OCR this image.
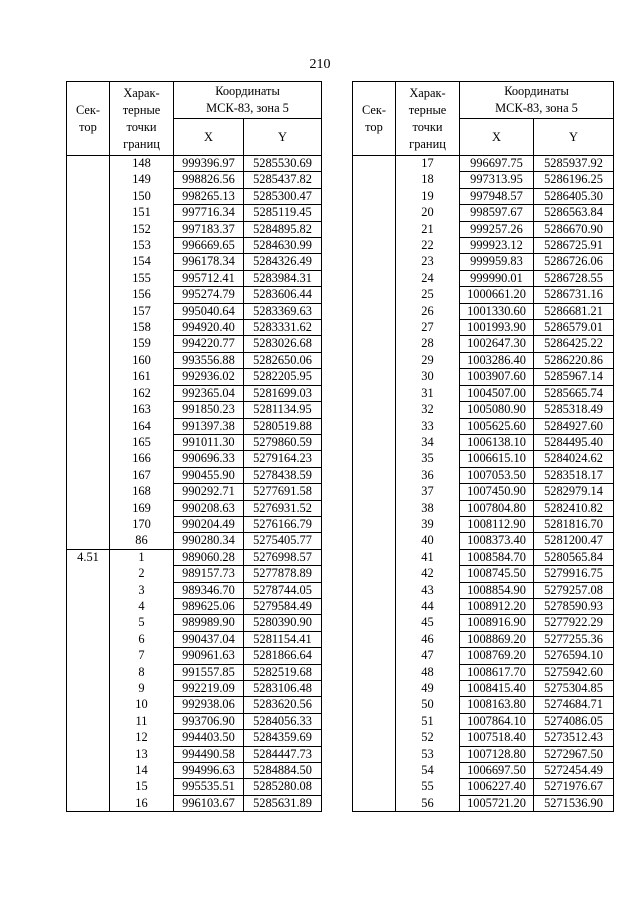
210
Сек-
тор	Харак-
терные
точки
границ	Координаты
МСК-83, зона 5	
		X	Y
	148	999396.97	5285530.69
	149	998826.56	5285437.82
	150	998265.13	5285300.47
	151	997716.34	5285119.45
	152	997183.37	5284895.82
	153	996669.65	5284630.99
	154	996178.34	5284326.49
	155	995712.41	5283984.31
	156	995274.79	5283606.44
	157	995040.64	5283369.63
	158	994920.40	5283331.62
	159	994220.77	5283026.68
	160	993556.88	5282650.06
	161	992936.02	5282205.95
	162	992365.04	5281699.03
	163	991850.23	5281134.95
	164	991397.38	5280519.88
	165	991011.30	5279860.59
	166	990696.33	5279164.23
	167	990455.90	5278438.59
	168	990292.71	5277691.58
	169	990208.63	5276931.52
	170	990204.49	5276166.79
	86	990280.34	5275405.77
4.51	1	989060.28	5276998.57
	2	989157.73	5277878.89
	3	989346.70	5278744.05
	4	989625.06	5279584.49
	5	989989.90	5280390.90
	6	990437.04	5281154.41
	7	990961.63	5281866.64
	8	991557.85	5282519.68
	9	992219.09	5283106.48
	10	992938.06	5283620.56
	11	993706.90	5284056.33
	12	994403.50	5284359.69
	13	994490.58	5284447.73
	14	994996.63	5284884.50
	15	995535.51	5285280.08
	16	996103.67	5285631.89
Сек-
тор	Харак-
терные
точки
границ	Координаты
МСК-83, зона 5	
		X	Y
	17	996697.75	5285937.92
	18	997313.95	5286196.25
	19	997948.57	5286405.30
	20	998597.67	5286563.84
	21	999257.26	5286670.90
	22	999923.12	5286725.91
	23	999959.83	5286726.06
	24	999990.01	5286728.55
	25	1000661.20	5286731.16
	26	1001330.60	5286681.21
	27	1001993.90	5286579.01
	28	1002647.30	5286425.22
	29	1003286.40	5286220.86
	30	1003907.60	5285967.14
	31	1004507.00	5285665.74
	32	1005080.90	5285318.49
	33	1005625.60	5284927.60
	34	1006138.10	5284495.40
	35	1006615.10	5284024.62
	36	1007053.50	5283518.17
	37	1007450.90	5282979.14
	38	1007804.80	5282410.82
	39	1008112.90	5281816.70
	40	1008373.40	5281200.47
	41	1008584.70	5280565.84
	42	1008745.50	5279916.75
	43	1008854.90	5279257.08
	44	1008912.20	5278590.93
	45	1008916.90	5277922.29
	46	1008869.20	5277255.36
	47	1008769.20	5276594.10
	48	1008617.70	5275942.60
	49	1008415.40	5275304.85
	50	1008163.80	5274684.71
	51	1007864.10	5274086.05
	52	1007518.40	5273512.43
	53	1007128.80	5272967.50
	54	1006697.50	5272454.49
	55	1006227.40	5271976.67
	56	1005721.20	5271536.90
